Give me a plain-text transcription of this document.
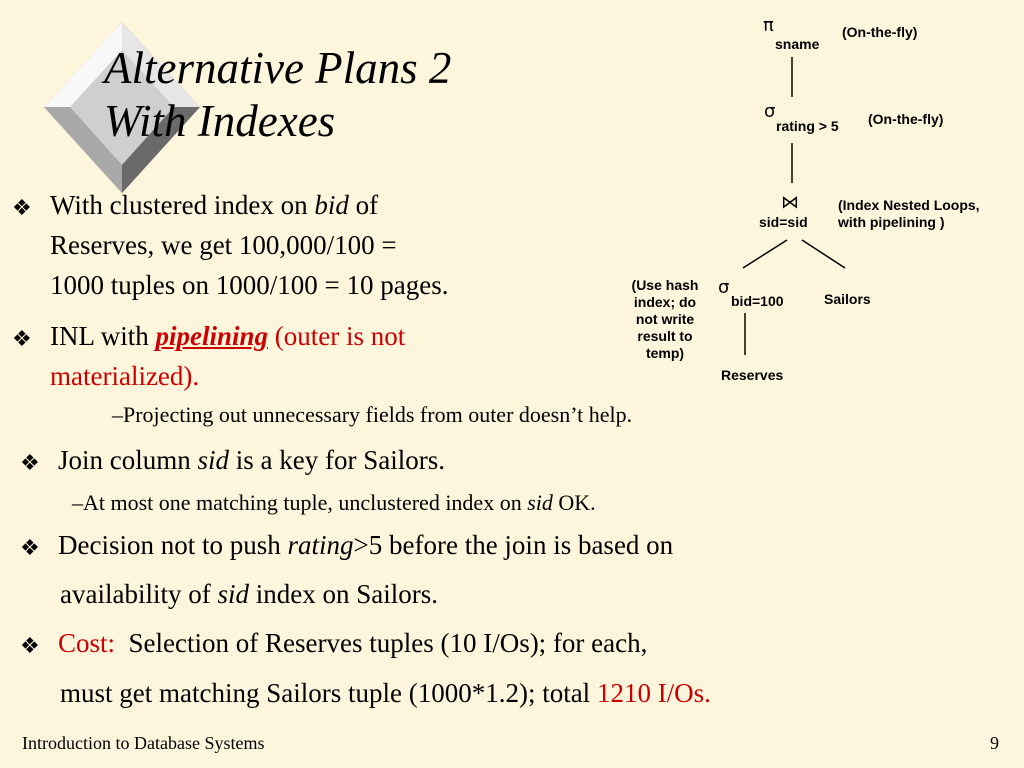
Alternative Plans 2
With Indexes
❖ With clustered index on bid of
Reserves, we get 100,000/100 =
1000 tuples on 1000/100 = 10 pages.
❖ INL with pipelining (outer is not
materialized).
–Projecting out unnecessary fields from outer doesn’t help.
❖ Join column sid is a key for Sailors.
–At most one matching tuple, unclustered index on sid OK.
❖ Decision not to push rating>5 before the join is based on
availability of sid index on Sailors.
❖ Cost:  Selection of Reserves tuples (10 I/Os); for each,
must get matching Sailors tuple (1000*1.2); total 1210 I/Os.
π
sname
(On-the-fly)
σ
rating > 5 (On-the-fly)
⋈
sid=sid
(Index Nested Loops,
with pipelining )
(Use hash
index; do
not write
result to
temp)
σ
bid=100	Sailors
Reserves
Introduction to Database Systems	9
